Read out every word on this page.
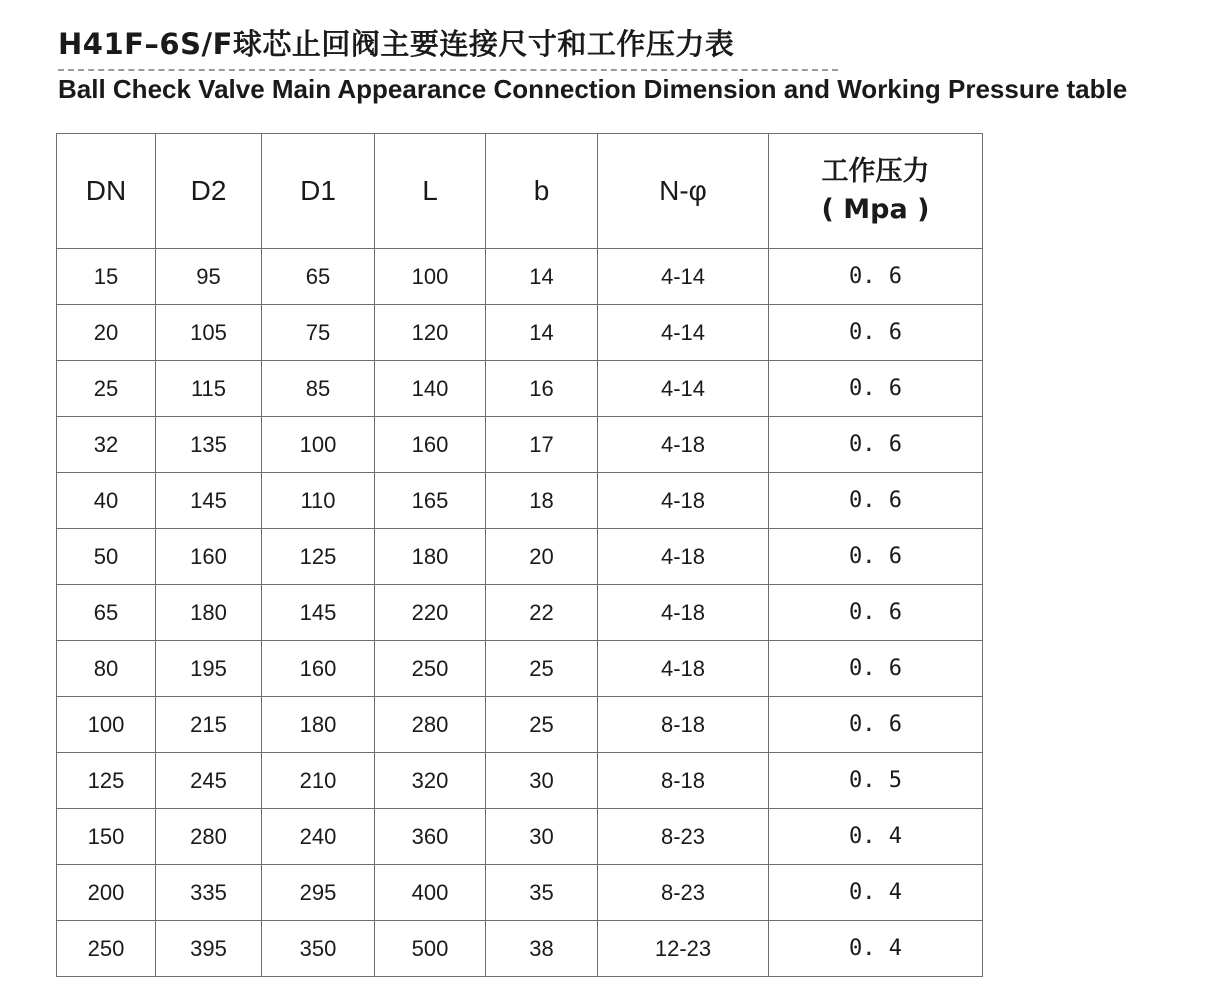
H41F–6S/F球芯止回阀主要连接尺寸和工作压力表
Ball Check Valve Main Appearance Connection Dimension and Working Pressure table
DN	D2	D1	L	b	N-φ	工作压力
( Mpa )

15	95	65	100	14	4-14	0. 6
20	105	75	120	14	4-14	0. 6
25	115	85	140	16	4-14	0. 6
32	135	100	160	17	4-18	0. 6
40	145	110	165	18	4-18	0. 6
50	160	125	180	20	4-18	0. 6
65	180	145	220	22	4-18	0. 6
80	195	160	250	25	4-18	0. 6
100	215	180	280	25	8-18	0. 6
125	245	210	320	30	8-18	0. 5
150	280	240	360	30	8-23	0. 4
200	335	295	400	35	8-23	0. 4
250	395	350	500	38	12-23	0. 4
